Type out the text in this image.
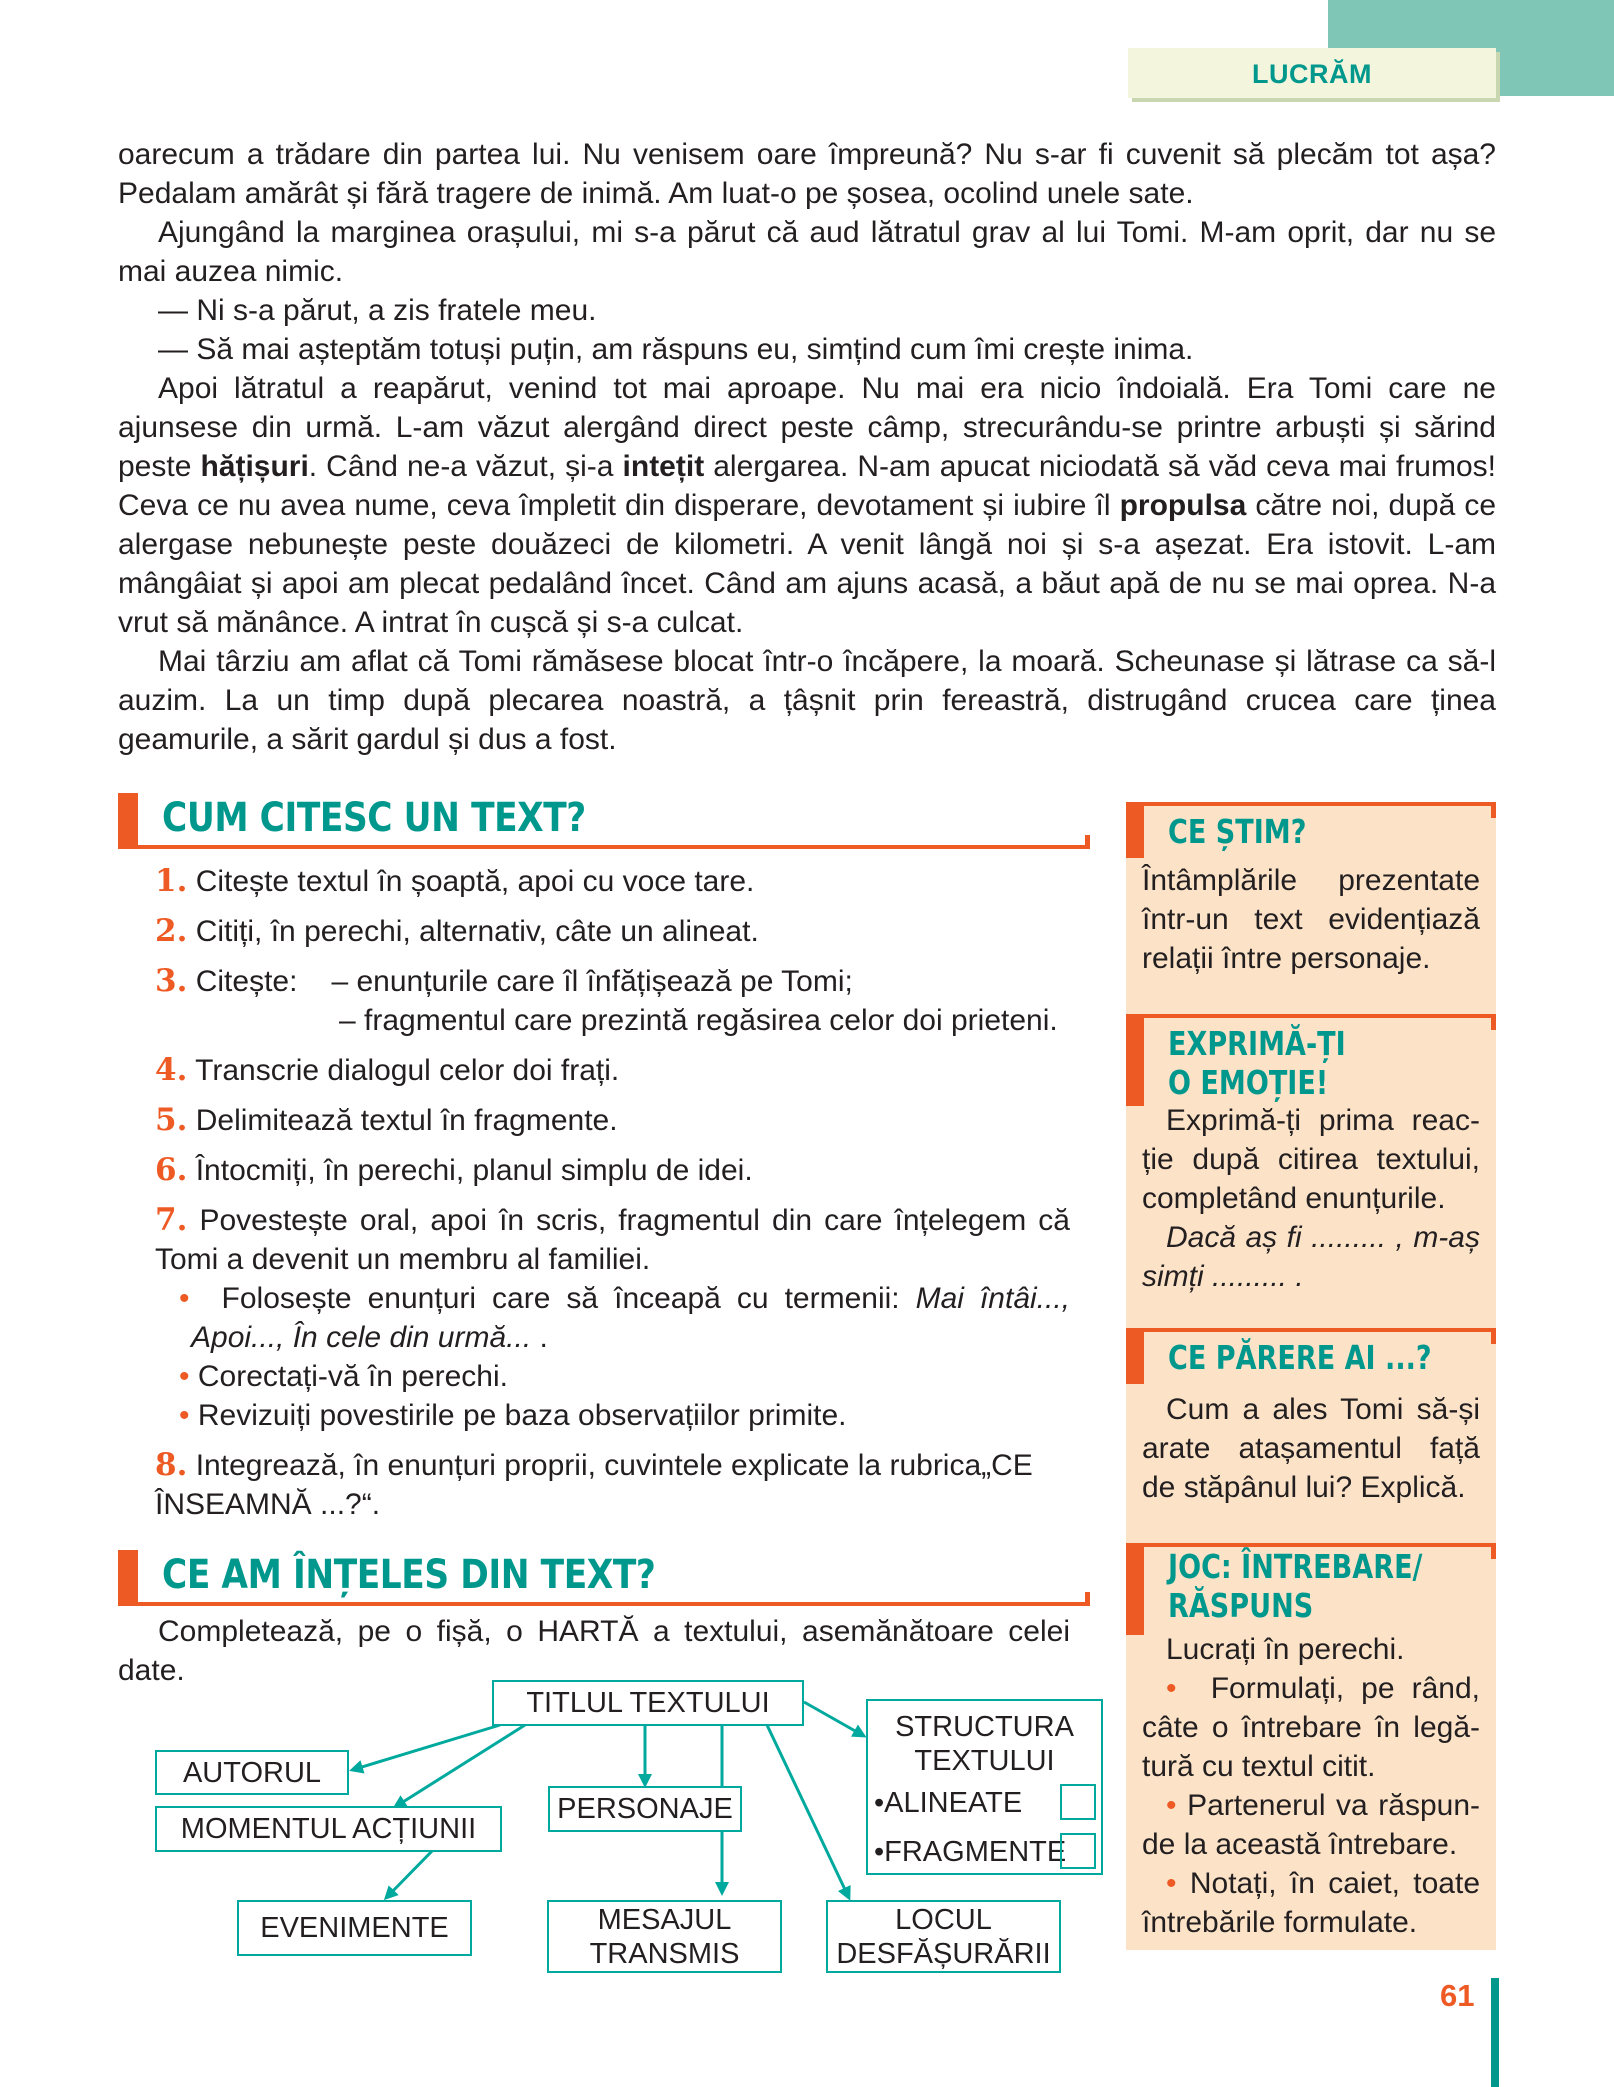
LUCRĂM

oarecum a trădare din partea lui. Nu venisem oare împreună? Nu s-ar fi cuvenit să plecăm tot așa? Pedalam amărât și fără tragere de inimă. Am luat-o pe șosea, ocolind unele sate.

Ajungând la marginea orașului, mi s-a părut că aud lătratul grav al lui Tomi. M-am oprit, dar nu se mai auzea nimic.

— Ni s-a părut, a zis fratele meu.

— Să mai așteptăm totuși puțin, am răspuns eu, simțind cum îmi crește inima.

Apoi lătratul a reapărut, venind tot mai aproape. Nu mai era nicio îndoială. Era Tomi care ne ajunsese din urmă. L-am văzut alergând direct peste câmp, strecurându-se printre arbuști și sărind peste hățișuri. Când ne-a văzut, și-a intețit alergarea. N-am apucat niciodată să văd ceva mai frumos! Ceva ce nu avea nume, ceva împletit din disperare, devotament și iubire îl propulsa către noi, după ce alergase nebunește peste douăzeci de kilometri. A venit lângă noi și s-a așezat. Era istovit. L-am mângâiat și apoi am plecat pedalând încet. Când am ajuns acasă, a băut apă de nu se mai oprea. N-a vrut să mănânce. A intrat în cușcă și s-a culcat.

Mai târziu am aflat că Tomi rămăsese blocat într-o încăpere, la moară. Scheunase și lătrase ca să-l auzim. La un timp după plecarea noastră, a țâșnit prin fereastră, distrugând crucea care ținea geamurile, a sărit gardul și dus a fost.

CUM CITESC UN TEXT?
1. Citește textul în șoaptă, apoi cu voce tare.
2. Citiți, în perechi, alternativ, câte un alineat.
3. Citește: – enunțurile care îl înfățișează pe Tomi;
– fragmentul care prezintă regăsirea celor doi prieteni.
4. Transcrie dialogul celor doi frați.
5. Delimitează textul în fragmente.
6. Întocmiți, în perechi, planul simplu de idei.
7. Povestește oral, apoi în scris, fragmentul din care înțelegem că Tomi a devenit un membru al familiei.
• Folosește enunțuri care să înceapă cu termenii: Mai întâi..., Apoi..., În cele din urmă... .
• Corectați-vă în perechi.
• Revizuiți povestirile pe baza observațiilor primite.
8. Integrează, în enunțuri proprii, cuvintele explicate la rubrica„CE ÎNSEAMNĂ ...?“.
CE AM ÎNȚELES DIN TEXT?

Completează, pe o fișă, o HARTĂ a textului, asemănătoare celei date.

TITLUL TEXTULUI
AUTORUL
MOMENTUL ACȚIUNII
EVENIMENTE
PERSONAJE
MESAJUL
TRANSMIS
LOCUL
DESFĂȘURĂRII
STRUCTURA
TEXTULUI
•ALINEATE
•FRAGMENTE
CE ȘTIM?

Întâmplările prezentate într-un text evidențiază relații între personaje.

EXPRIMĂ-ȚI
O EMOȚIE!

Exprimă-ți prima reac-ție după citirea textului, completând enunțurile.

Dacă aș fi ......... , m-aș simți ......... .

CE PĂRERE AI ...?

Cum a ales Tomi să-și arate atașamentul față de stăpânul lui? Explică.

JOC: ÎNTREBARE/
RĂSPUNS

Lucrați în perechi.

• Formulați, pe rând, câte o întrebare în legă-tură cu textul citit.

• Partenerul va răspun-de la această întrebare.

• Notați, în caiet, toate întrebările formulate.

61
